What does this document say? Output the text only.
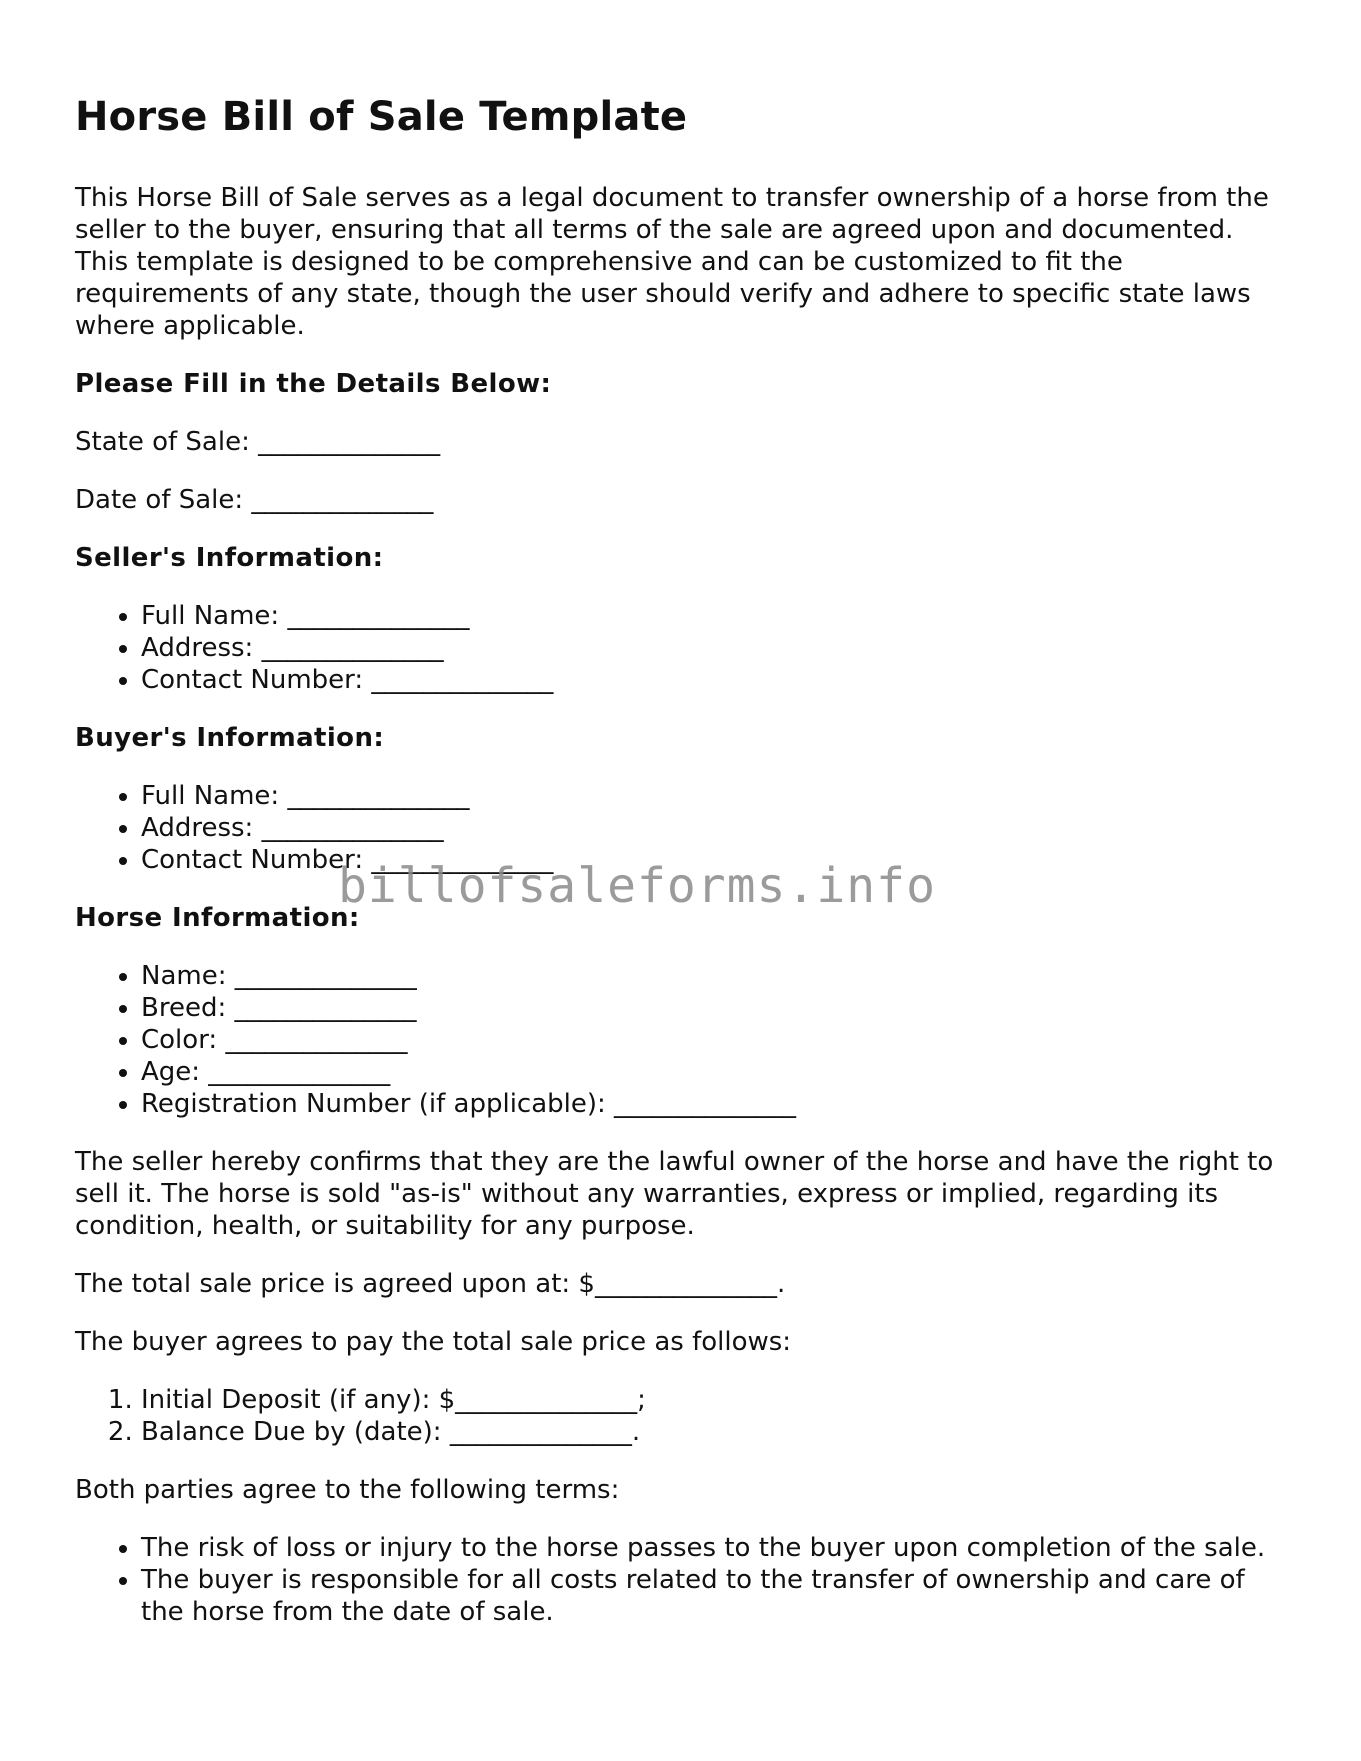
Horse Bill of Sale Template

This Horse Bill of Sale serves as a legal document to transfer ownership of a horse from the seller to the buyer, ensuring that all terms of the sale are agreed upon and documented. This template is designed to be comprehensive and can be customized to fit the requirements of any state, though the user should verify and adhere to specific state laws where applicable.

Please Fill in the Details Below:

State of Sale: ______________

Date of Sale: ______________

Seller's Information:
• Full Name: ______________
• Address: ______________
• Contact Number: ______________
Buyer's Information:
• Full Name: ______________
• Address: ______________
• Contact Number: ______________
Horse Information:
• Name: ______________
• Breed: ______________
• Color: ______________
• Age: ______________
• Registration Number (if applicable): ______________

The seller hereby confirms that they are the lawful owner of the horse and have the right to sell it. The horse is sold "as-is" without any warranties, express or implied, regarding its condition, health, or suitability for any purpose.

The total sale price is agreed upon at: $______________.

The buyer agrees to pay the total sale price as follows:

1. Initial Deposit (if any): $______________;
2. Balance Due by (date): ______________.

Both parties agree to the following terms:

• The risk of loss or injury to the horse passes to the buyer upon completion of the sale.
• The buyer is responsible for all costs related to the transfer of ownership and care of the horse from the date of sale.
billofsaleforms.info
